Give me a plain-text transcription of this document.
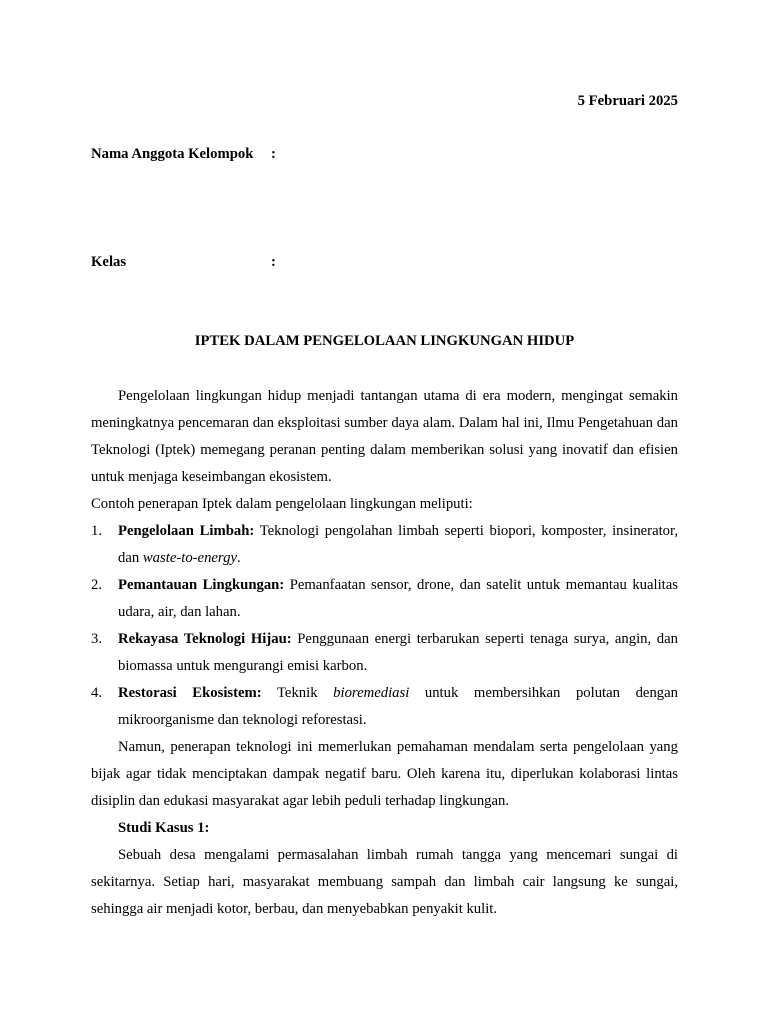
5 Februari 2025
Nama Anggota Kelompok :
Kelas	:
IPTEK DALAM PENGELOLAAN LINGKUNGAN HIDUP

Pengelolaan lingkungan hidup menjadi tantangan utama di era modern, mengingat semakin meningkatnya pencemaran dan eksploitasi sumber daya alam. Dalam hal ini, Ilmu Pengetahuan dan Teknologi (Iptek) memegang peranan penting dalam memberikan solusi yang inovatif dan efisien untuk menjaga keseimbangan ekosistem.

Contoh penerapan Iptek dalam pengelolaan lingkungan meliputi:

1. Pengelolaan Limbah: Teknologi pengolahan limbah seperti biopori, komposter, insinerator, dan waste-to-energy.
2. Pemantauan Lingkungan: Pemanfaatan sensor, drone, dan satelit untuk memantau kualitas udara, air, dan lahan.
3. Rekayasa Teknologi Hijau: Penggunaan energi terbarukan seperti tenaga surya, angin, dan biomassa untuk mengurangi emisi karbon.
4. Restorasi Ekosistem: Teknik bioremediasi untuk membersihkan polutan dengan mikroorganisme dan teknologi reforestasi.

Namun, penerapan teknologi ini memerlukan pemahaman mendalam serta pengelolaan yang bijak agar tidak menciptakan dampak negatif baru. Oleh karena itu, diperlukan kolaborasi lintas disiplin dan edukasi masyarakat agar lebih peduli terhadap lingkungan.

Studi Kasus 1:

Sebuah desa mengalami permasalahan limbah rumah tangga yang mencemari sungai di sekitarnya. Setiap hari, masyarakat membuang sampah dan limbah cair langsung ke sungai, sehingga air menjadi kotor, berbau, dan menyebabkan penyakit kulit.
